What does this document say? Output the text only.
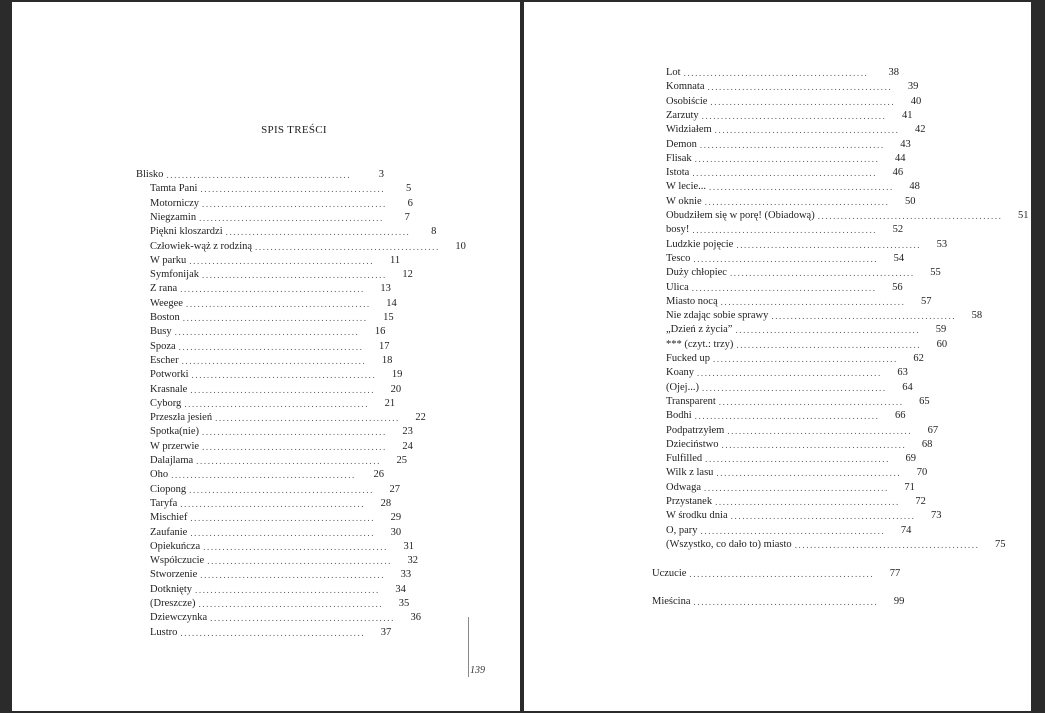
SPIS TREŚCI
Blisko ................................................	3
Tamta Pani ................................................	5
Motorniczy ................................................	6
Niegzamin ................................................	7
Piękni kloszardzi ................................................	8
Człowiek-wąż z rodziną ................................................	10
W parku ................................................	11
Symfonijak ................................................	12
Z rana ................................................	13
Weegee ................................................	14
Boston ................................................	15
Busy ................................................	16
Spoza ................................................	17
Escher ................................................	18
Potworki ................................................	19
Krasnale ................................................	20
Cyborg ................................................	21
Przeszła jesień ................................................	22
Spotka(nie) ................................................	23
W przerwie ................................................	24
Dalajlama ................................................	25
Oho ................................................	26
Ciopong ................................................	27
Taryfa ................................................	28
Mischief ................................................	29
Zaufanie ................................................	30
Opiekuńcza ................................................	31
Współczucie ................................................	32
Stworzenie ................................................	33
Dotknięty ................................................	34
(Dreszcze) ................................................	35
Dziewczynka ................................................	36
Lustro ................................................	37
139
Lot ................................................	38
Komnata ................................................	39
Osobiście ................................................	40
Zarzuty ................................................	41
Widziałem ................................................	42
Demon ................................................	43
Flisak ................................................	44
Istota ................................................	46
W lecie... ................................................	48
W oknie ................................................	50
Obudziłem się w porę! (Obiadową) ................................................	51
bosy! ................................................	52
Ludzkie pojęcie ................................................	53
Tesco ................................................	54
Duży chłopiec ................................................	55
Ulica ................................................	56
Miasto nocą ................................................	57
Nie zdając sobie sprawy ................................................	58
„Dzień z życia” ................................................	59
*** (czyt.: trzy) ................................................	60
Fucked up ................................................	62
Koany ................................................	63
(Ojej...) ................................................	64
Transparent ................................................	65
Bodhi ................................................	66
Podpatrzyłem ................................................	67
Dzieciństwo ................................................	68
Fulfilled ................................................	69
Wilk z lasu ................................................	70
Odwaga ................................................	71
Przystanek ................................................	72
W środku dnia ................................................	73
O, pary ................................................	74
(Wszystko, co dało to) miasto ................................................	75
Uczucie ................................................	77
Mieścina ................................................	99
